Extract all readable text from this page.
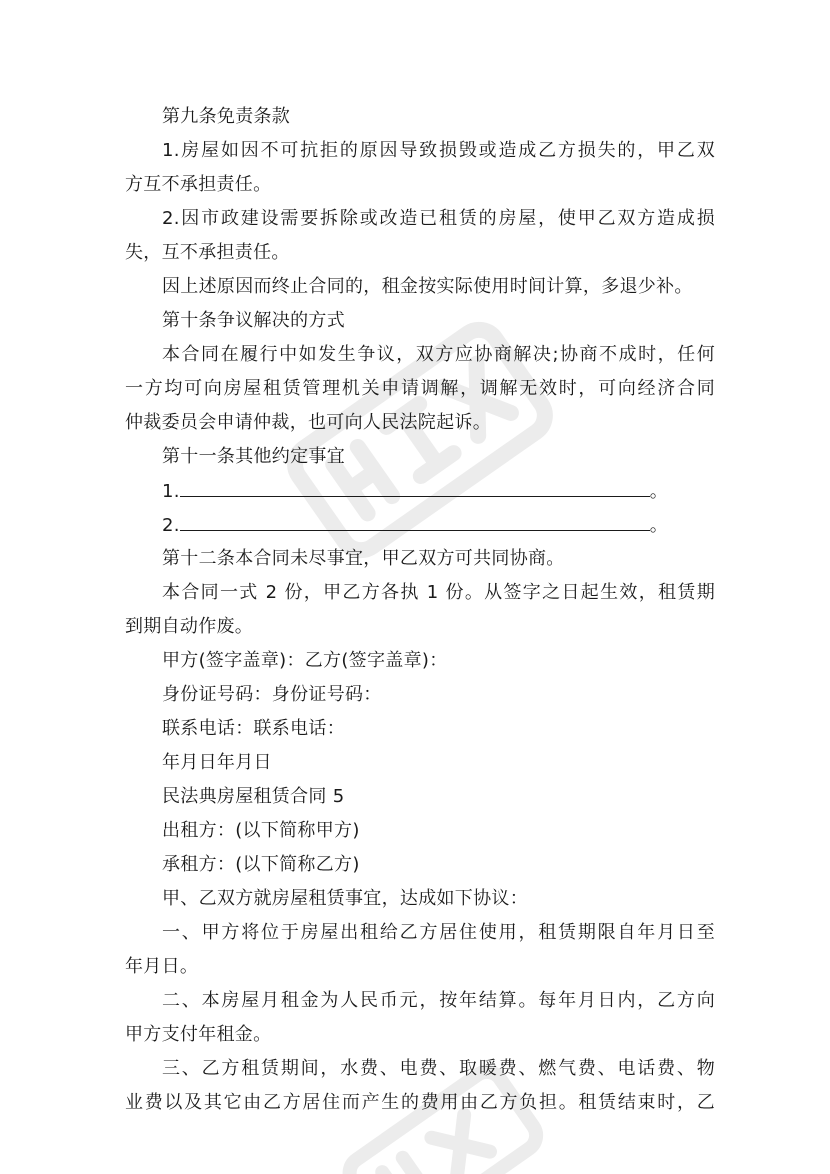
第九条免责条款
1.房屋如因不可抗拒的原因导致损毁或造成乙方损失的，甲乙双
方互不承担责任。
2.因市政建设需要拆除或改造已租赁的房屋，使甲乙双方造成损
失，互不承担责任。
因上述原因而终止合同的，租金按实际使用时间计算，多退少补。
第十条争议解决的方式
本合同在履行中如发生争议，双方应协商解决;协商不成时，任何
一方均可向房屋租赁管理机关申请调解，调解无效时，可向经济合同
仲裁委员会申请仲裁，也可向人民法院起诉。
第十一条其他约定事宜
1.	。
2.	。
第十二条本合同未尽事宜，甲乙双方可共同协商。
本合同一式 2 份，甲乙方各执 1 份。从签字之日起生效，租赁期
到期自动作废。
甲方(签字盖章)：乙方(签字盖章)：
身份证号码：身份证号码：
联系电话：联系电话：
年月日年月日
民法典房屋租赁合同 5
出租方：(以下简称甲方)
承租方：(以下简称乙方)
甲、乙双方就房屋租赁事宜，达成如下协议：
一、甲方将位于房屋出租给乙方居住使用，租赁期限自年月日至
年月日。
二、本房屋月租金为人民币元，按年结算。每年月日内，乙方向
甲方支付年租金。
三、乙方租赁期间，水费、电费、取暖费、燃气费、电话费、物
业费以及其它由乙方居住而产生的费用由乙方负担。租赁结束时，乙
